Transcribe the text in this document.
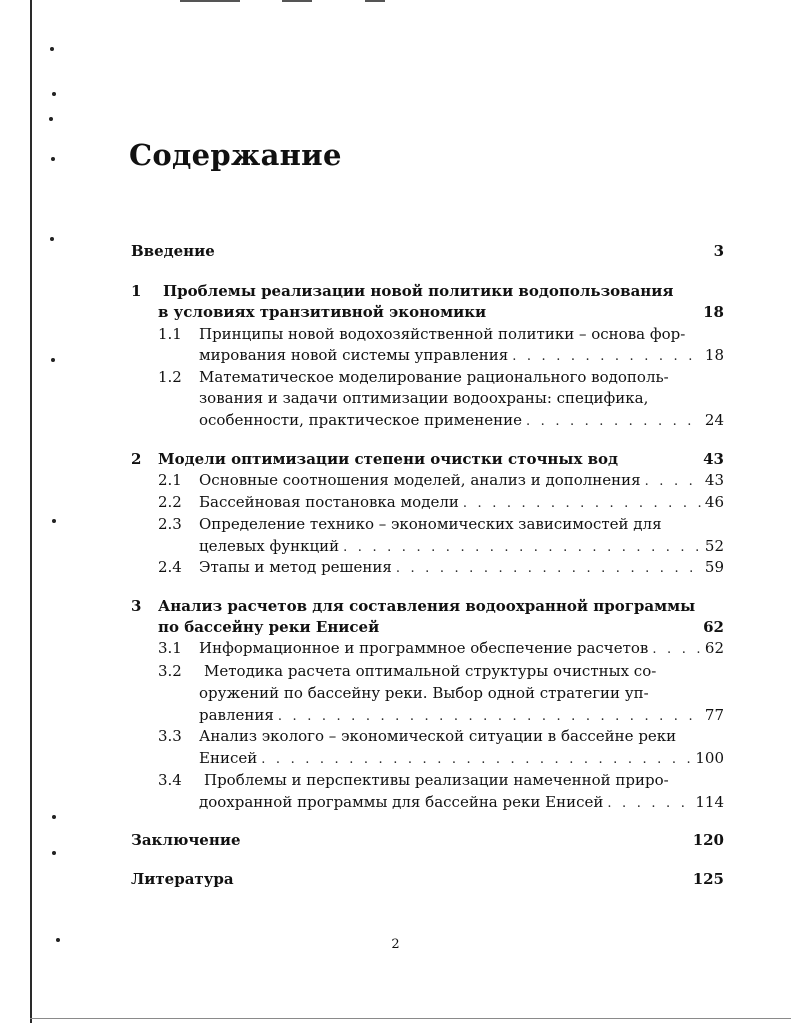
Содержание
Введение	3
1	Проблемы реализации новой политики водопользования
в условиях транзитивной экономики	18
1.1	Принципы новой водохозяйственной политики – основа фор-
мирования новой системы управления . . .	18
1.2	Математическое моделирование рационального водополь-
зования и задачи оптимизации водоохраны: специфика,
особенности, практическое применение . . .	24
2	Модели оптимизации степени очистки сточных вод	43
2.1	Основные соотношения моделей, анализ и дополнения . . .	43
2.2	Бассейновая постановка модели . . .	46
2.3	Определение технико – экономических зависимостей для
целевых функций . . .	52
2.4	Этапы и метод решения . . .	59
3	Анализ расчетов для составления водоохранной программы
по бассейну реки Енисей	62
3.1	Информационное и программное обеспечение расчетов . . .	62
3.2	Методика расчета оптимальной структуры очистных со-
оружений по бассейну реки. Выбор одной стратегии уп-
равления . . .	77
3.3	Анализ эколого – экономической ситуации в бассейне реки
Енисей . . .	100
3.4	Проблемы и перспективы реализации намеченной приро-
доохранной программы для бассейна реки Енисей . . .	114
Заключение	120
Литература	125
2
